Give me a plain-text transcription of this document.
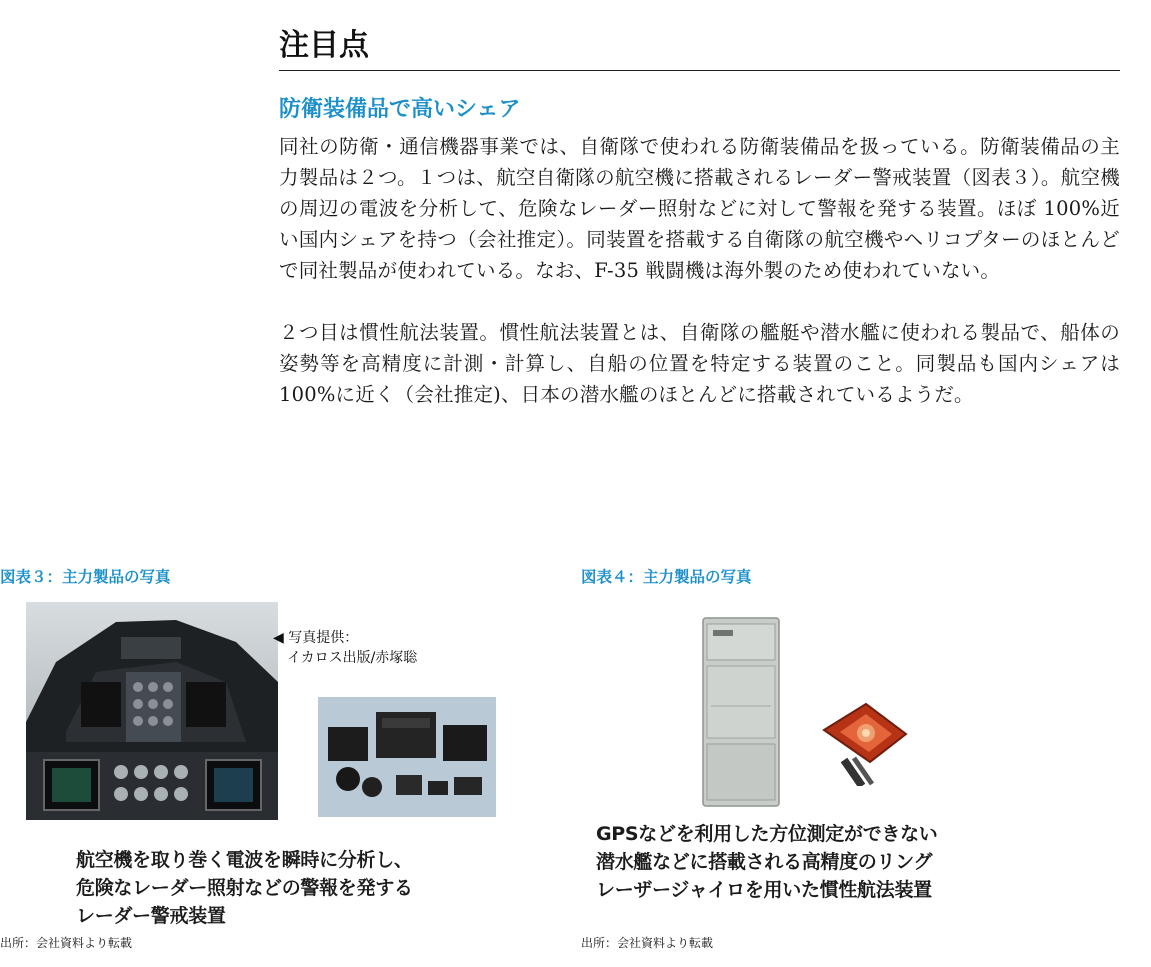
注目点
防衛装備品で高いシェア

同社の防衛・通信機器事業では、自衛隊で使われる防衛装備品を扱っている。防衛装備品の主力製品は２つ。１つは、航空自衛隊の航空機に搭載されるレーダー警戒装置（図表３）。航空機の周辺の電波を分析して、危険なレーダー照射などに対して警報を発する装置。ほぼ 100%近い国内シェアを持つ（会社推定）。同装置を搭載する自衛隊の航空機やヘリコプターのほとんどで同社製品が使われている。なお、F-35 戦闘機は海外製のため使われていない。

２つ目は慣性航法装置。慣性航法装置とは、自衛隊の艦艇や潜水艦に使われる製品で、船体の姿勢等を高精度に計測・計算し、自船の位置を特定する装置のこと。同製品も国内シェアは 100%に近く（会社推定)、日本の潜水艦のほとんどに搭載されているようだ。

図表３：主力製品の写真
◀ 写真提供：
イカロス出版/赤塚聡
航空機を取り巻く電波を瞬時に分析し、
危険なレーダー照射などの警報を発する
レーダー警戒装置
出所：会社資料より転載
図表４：主力製品の写真
GPSなどを利用した方位測定ができない
潜水艦などに搭載される高精度のリング
レーザージャイロを用いた慣性航法装置
出所：会社資料より転載
